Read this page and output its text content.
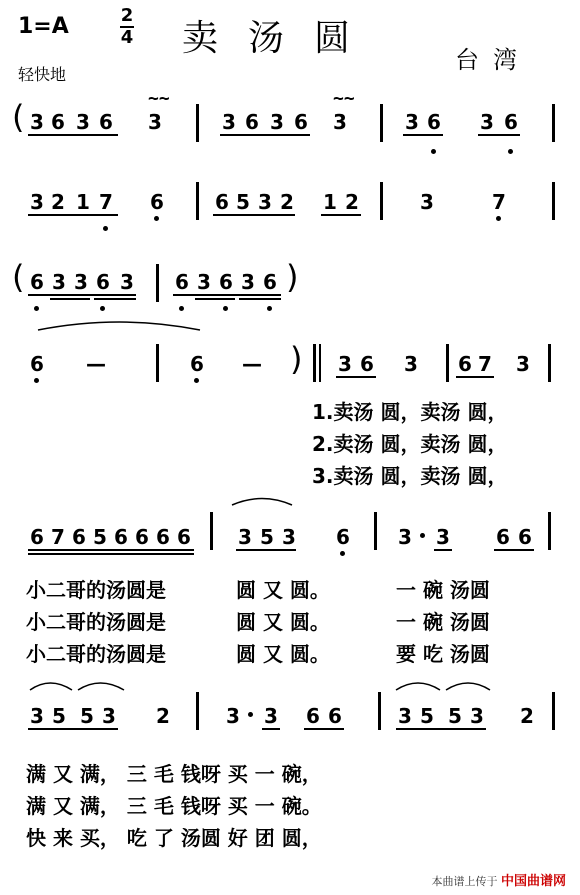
1=A	2
4 卖汤圆
台湾
轻快地
( 3 6 3 6
~~
3	3 6 3 6
~~
3	3 6 3 6
3 2 1 7 6	6 5 3 2 1 2	3	7
( 6 3 3 6 3 6 3 6 3 6 )
6 —	6 — ) 3 6 3 6 7 3
1.卖汤 圆，卖汤 圆，
2.卖汤 圆，卖汤 圆，
3.卖汤 圆，卖汤 圆，
6 7 6 5 6 6 6 6 3 5 3 6 3 3 6 6
小二哥的汤圆是	圆 又 圆。	一 碗 汤圆
小二哥的汤圆是	圆 又 圆。	一 碗 汤圆
小二哥的汤圆是	圆 又 圆。	要 吃 汤圆
3 5 5 3 2	3 3 6 6	3 5 5 3 2
满 又 满， 三 毛 钱呀 买 一 碗，
满 又 满， 三 毛 钱呀 买 一 碗。
快 来 买， 吃 了 汤圆 好 团 圆，
本曲谱上传于 中国曲谱网
